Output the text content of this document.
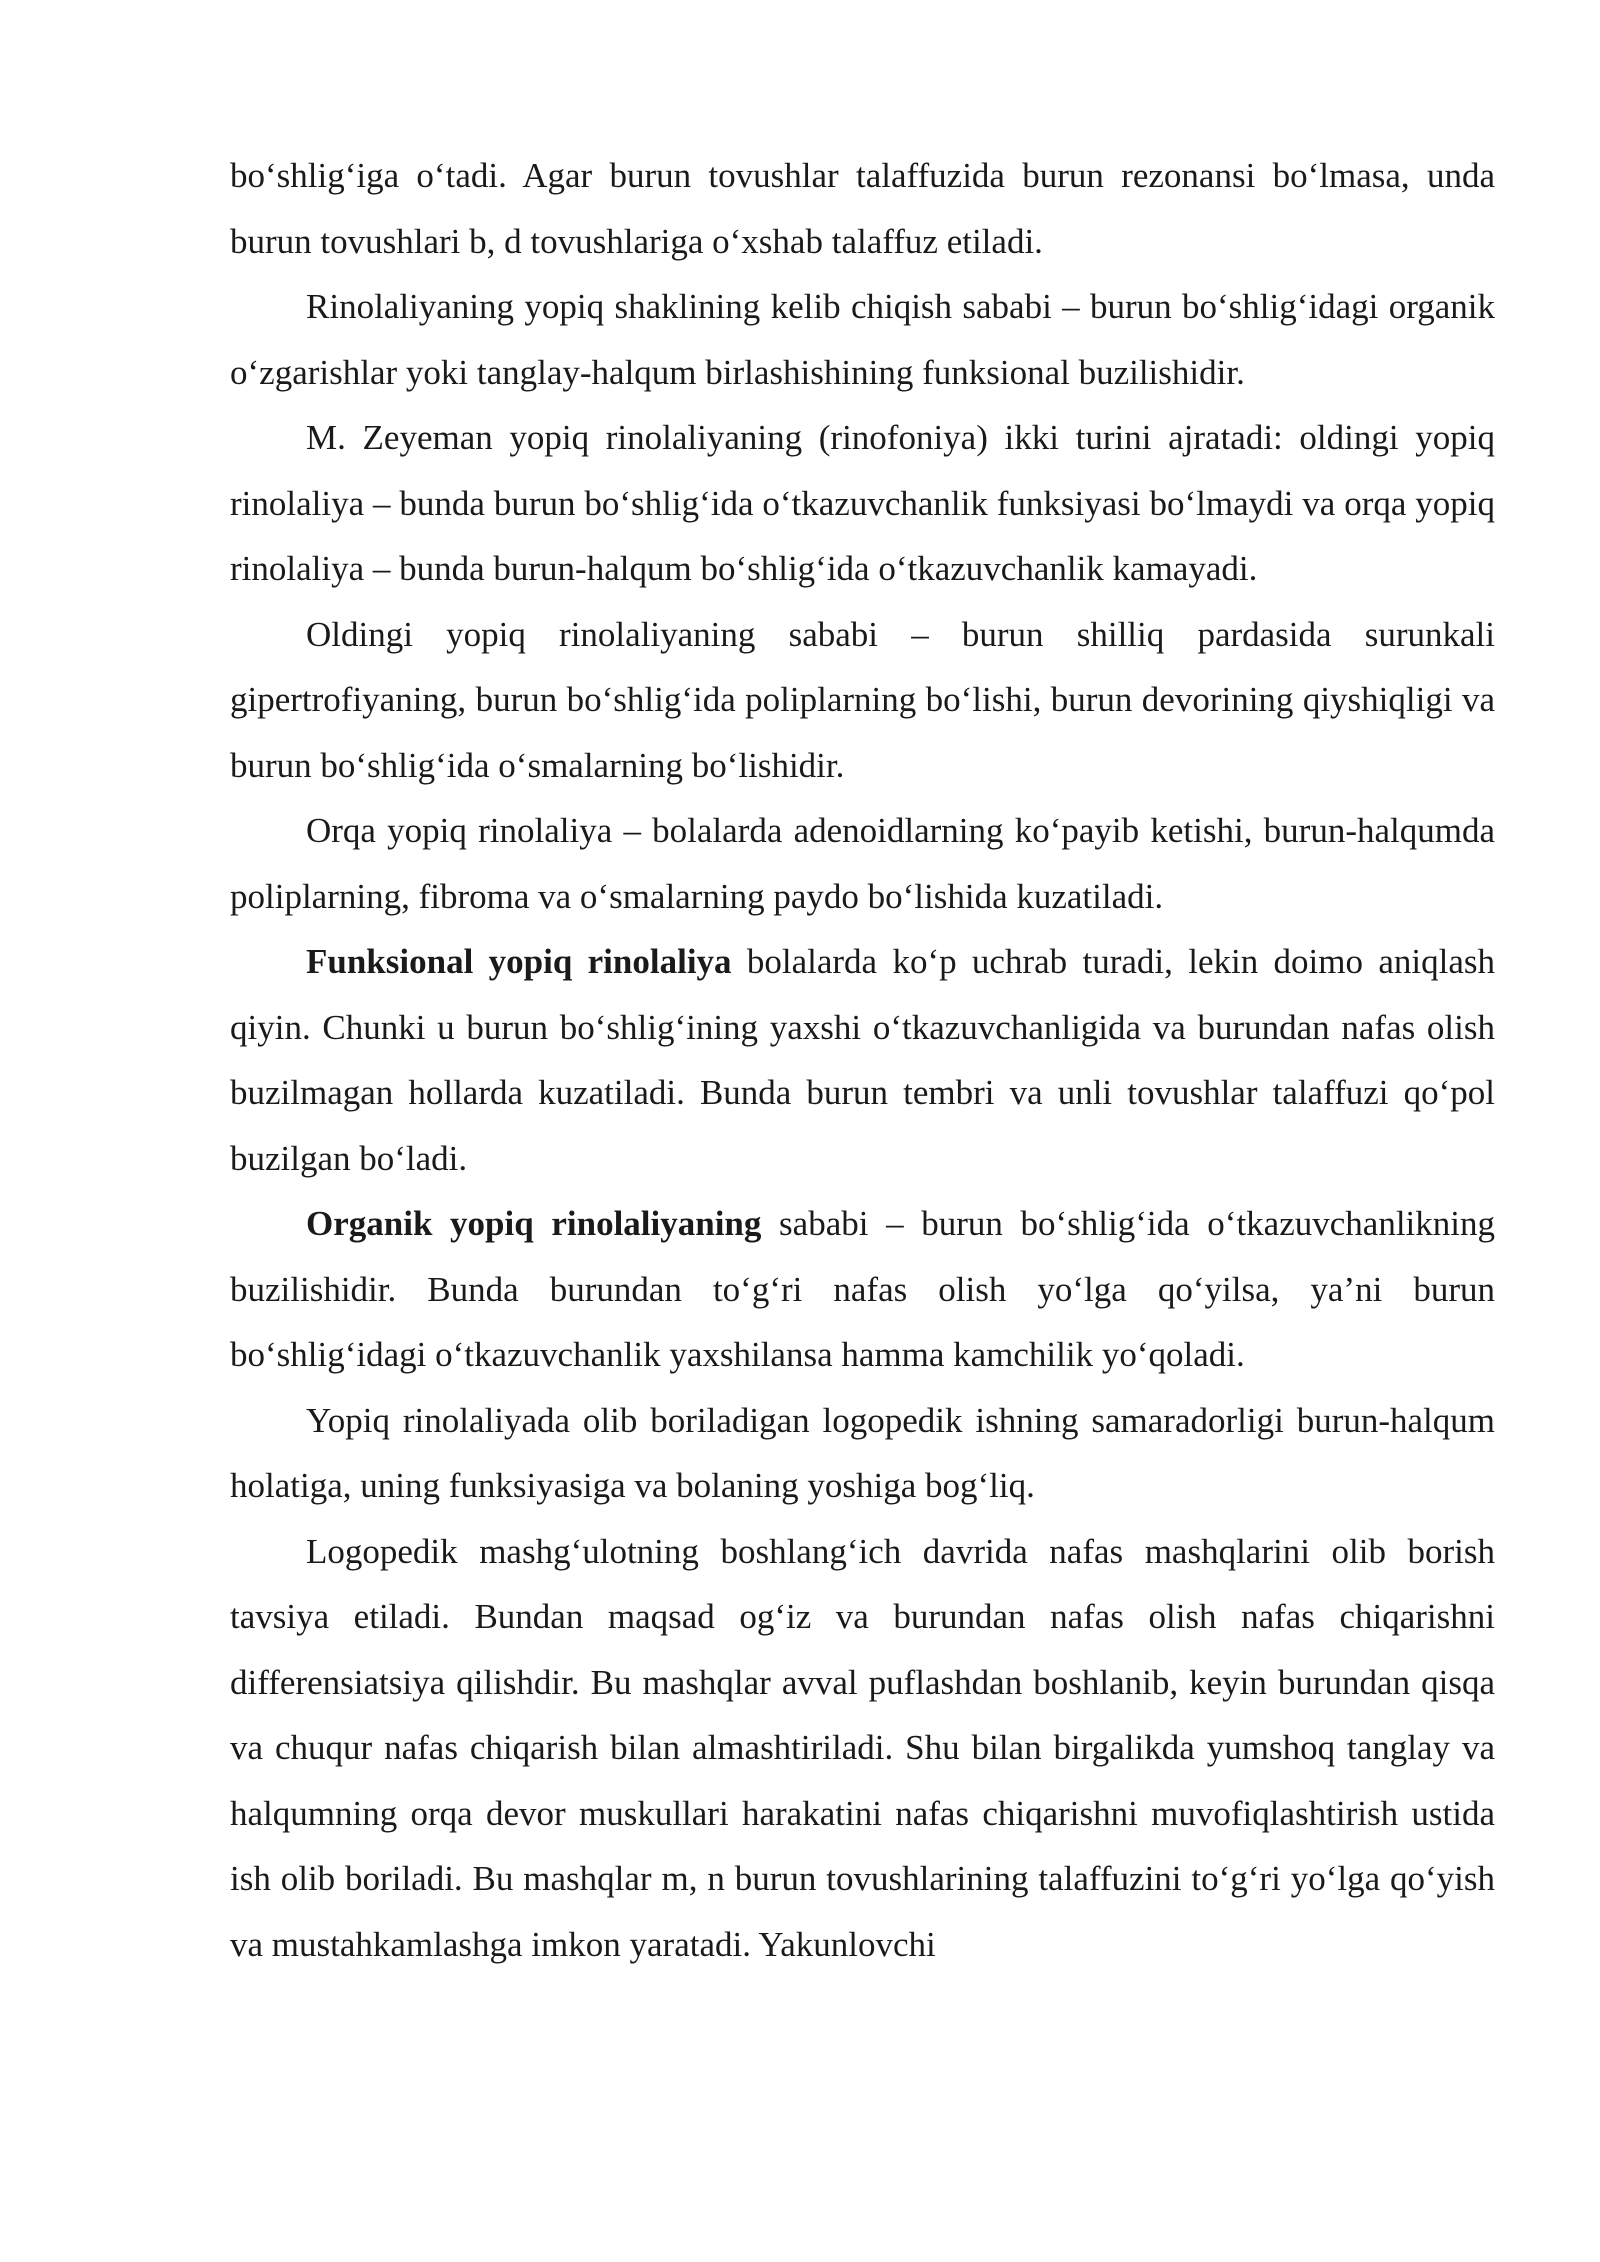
bo‘shlig‘iga o‘tadi. Agar burun tovushlar talaffuzida burun rezonansi bo‘lmasa, unda burun tovushlari b, d tovushlariga o‘xshab talaffuz etiladi.

Rinolaliyaning yopiq shaklining kelib chiqish sababi – burun bo‘shlig‘idagi organik o‘zgarishlar yoki tanglay-halqum birlashishining funksional buzilishidir.

M. Zeyeman yopiq rinolaliyaning (rinofoniya) ikki turini ajratadi: oldingi yopiq rinolaliya – bunda burun bo‘shlig‘ida o‘tkazuvchanlik funksiyasi bo‘lmaydi va orqa yopiq rinolaliya – bunda burun-halqum bo‘shlig‘ida o‘tkazuvchanlik kamayadi.

Oldingi yopiq rinolaliyaning sababi – burun shilliq pardasida surunkali gipertrofiyaning, burun bo‘shlig‘ida poliplarning bo‘lishi, burun devorining qiyshiqligi va burun bo‘shlig‘ida o‘smalarning bo‘lishidir.

Orqa yopiq rinolaliya – bolalarda adenoidlarning ko‘payib ketishi, burun-halqumda poliplarning, fibroma va o‘smalarning paydo bo‘lishida kuzatiladi.

Funksional yopiq rinolaliya bolalarda ko‘p uchrab turadi, lekin doimo aniqlash qiyin. Chunki u burun bo‘shlig‘ining yaxshi o‘tkazuvchanligida va burundan nafas olish buzilmagan hollarda kuzatiladi. Bunda burun tembri va unli tovushlar talaffuzi qo‘pol buzilgan bo‘ladi.

Organik yopiq rinolaliyaning sababi – burun bo‘shlig‘ida o‘tkazuvchanlikning buzilishidir. Bunda burundan to‘g‘ri nafas olish yo‘lga qo‘yilsa, ya’ni burun bo‘shlig‘idagi o‘tkazuvchanlik yaxshilansa hamma kamchilik yo‘qoladi.

Yopiq rinolaliyada olib boriladigan logopedik ishning samaradorligi burun-halqum holatiga, uning funksiyasiga va bolaning yoshiga bog‘liq.

Logopedik mashg‘ulotning boshlang‘ich davrida nafas mashqlarini olib borish tavsiya etiladi. Bundan maqsad og‘iz va burundan nafas olish nafas chiqarishni differensiatsiya qilishdir. Bu mashqlar avval puflashdan boshlanib, keyin burundan qisqa va chuqur nafas chiqarish bilan almashtiriladi. Shu bilan birgalikda yumshoq tanglay va halqumning orqa devor muskullari harakatini nafas chiqarishni muvofiqlashtirish ustida ish olib boriladi. Bu mashqlar m, n burun tovushlarining talaffuzini to‘g‘ri yo‘lga qo‘yish va mustahkamlashga imkon yaratadi. Yakunlovchi
